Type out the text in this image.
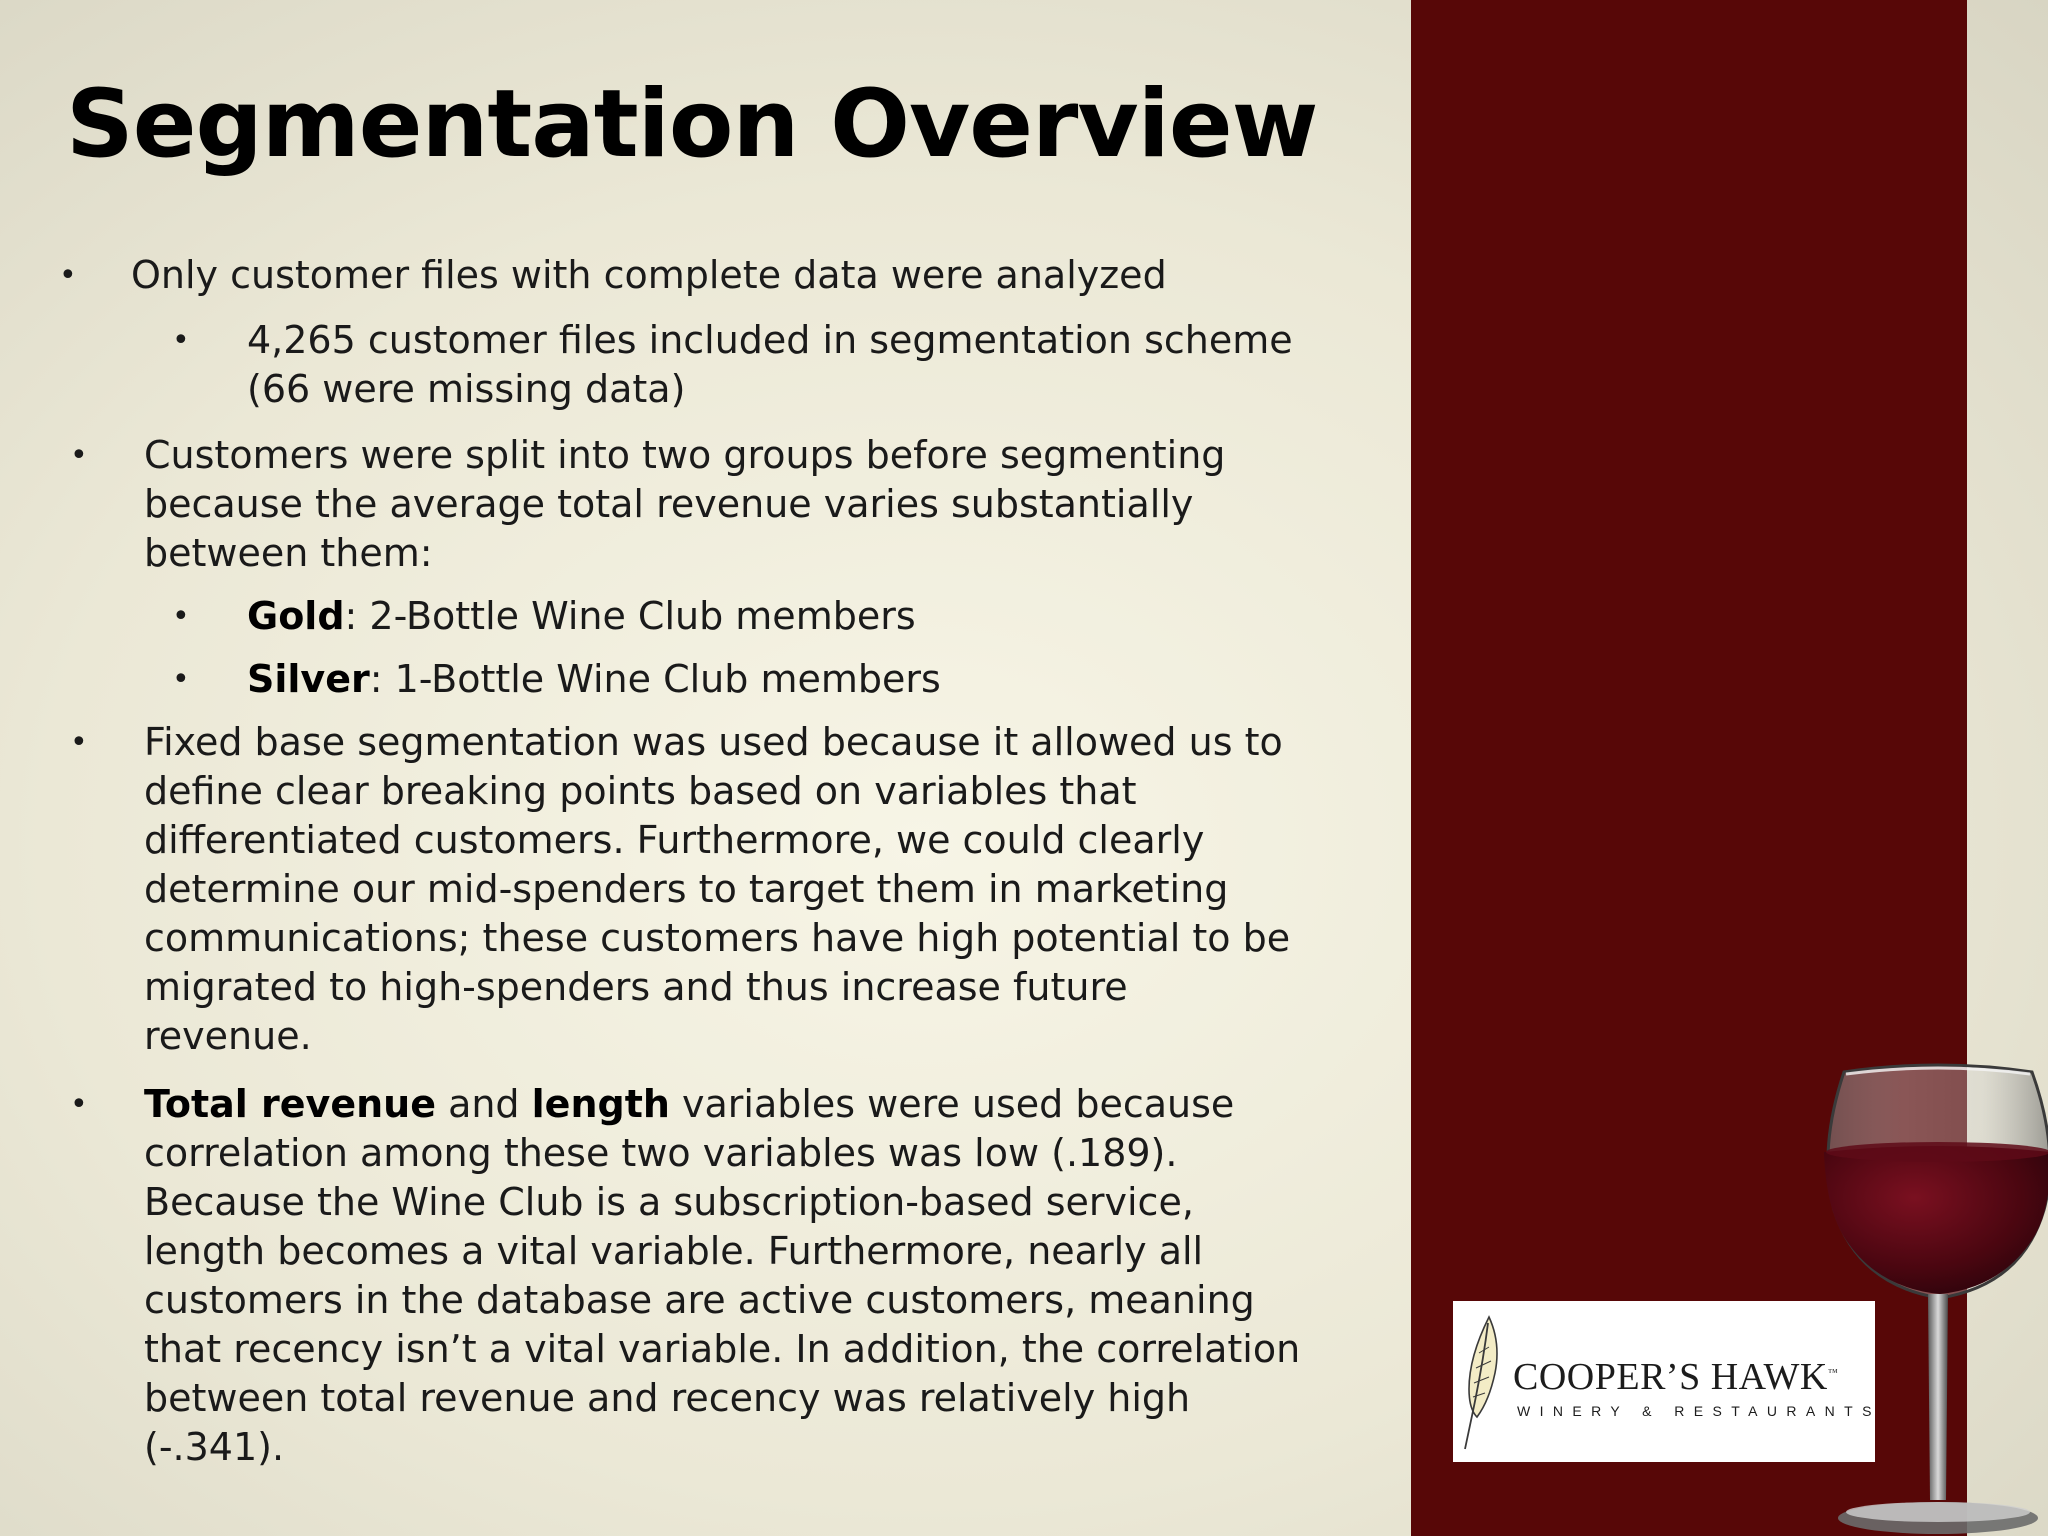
Segmentation Overview
• Only customer files with complete data were analyzed
• 4,265 customer files included in segmentation scheme (66 were missing data)
• Customers were split into two groups before segmenting because the average total revenue varies substantially between them:
• Gold: 2-Bottle Wine Club members
• Silver: 1-Bottle Wine Club members
• Fixed base segmentation was used because it allowed us to define clear breaking points based on variables that differentiated customers. Furthermore, we could clearly determine our mid-spenders to target them in marketing communications; these customers have high potential to be migrated to high-spenders and thus increase future revenue.
• Total revenue and length variables were used because correlation among these two variables was low (.189). Because the Wine Club is a subscription-based service, length becomes a vital variable. Furthermore, nearly all customers in the database are active customers, meaning that recency isn’t a vital variable. In addition, the correlation between total revenue and recency was relatively high (-.341).
COOPER’S HAWK™
WINERY & RESTAURANTS
